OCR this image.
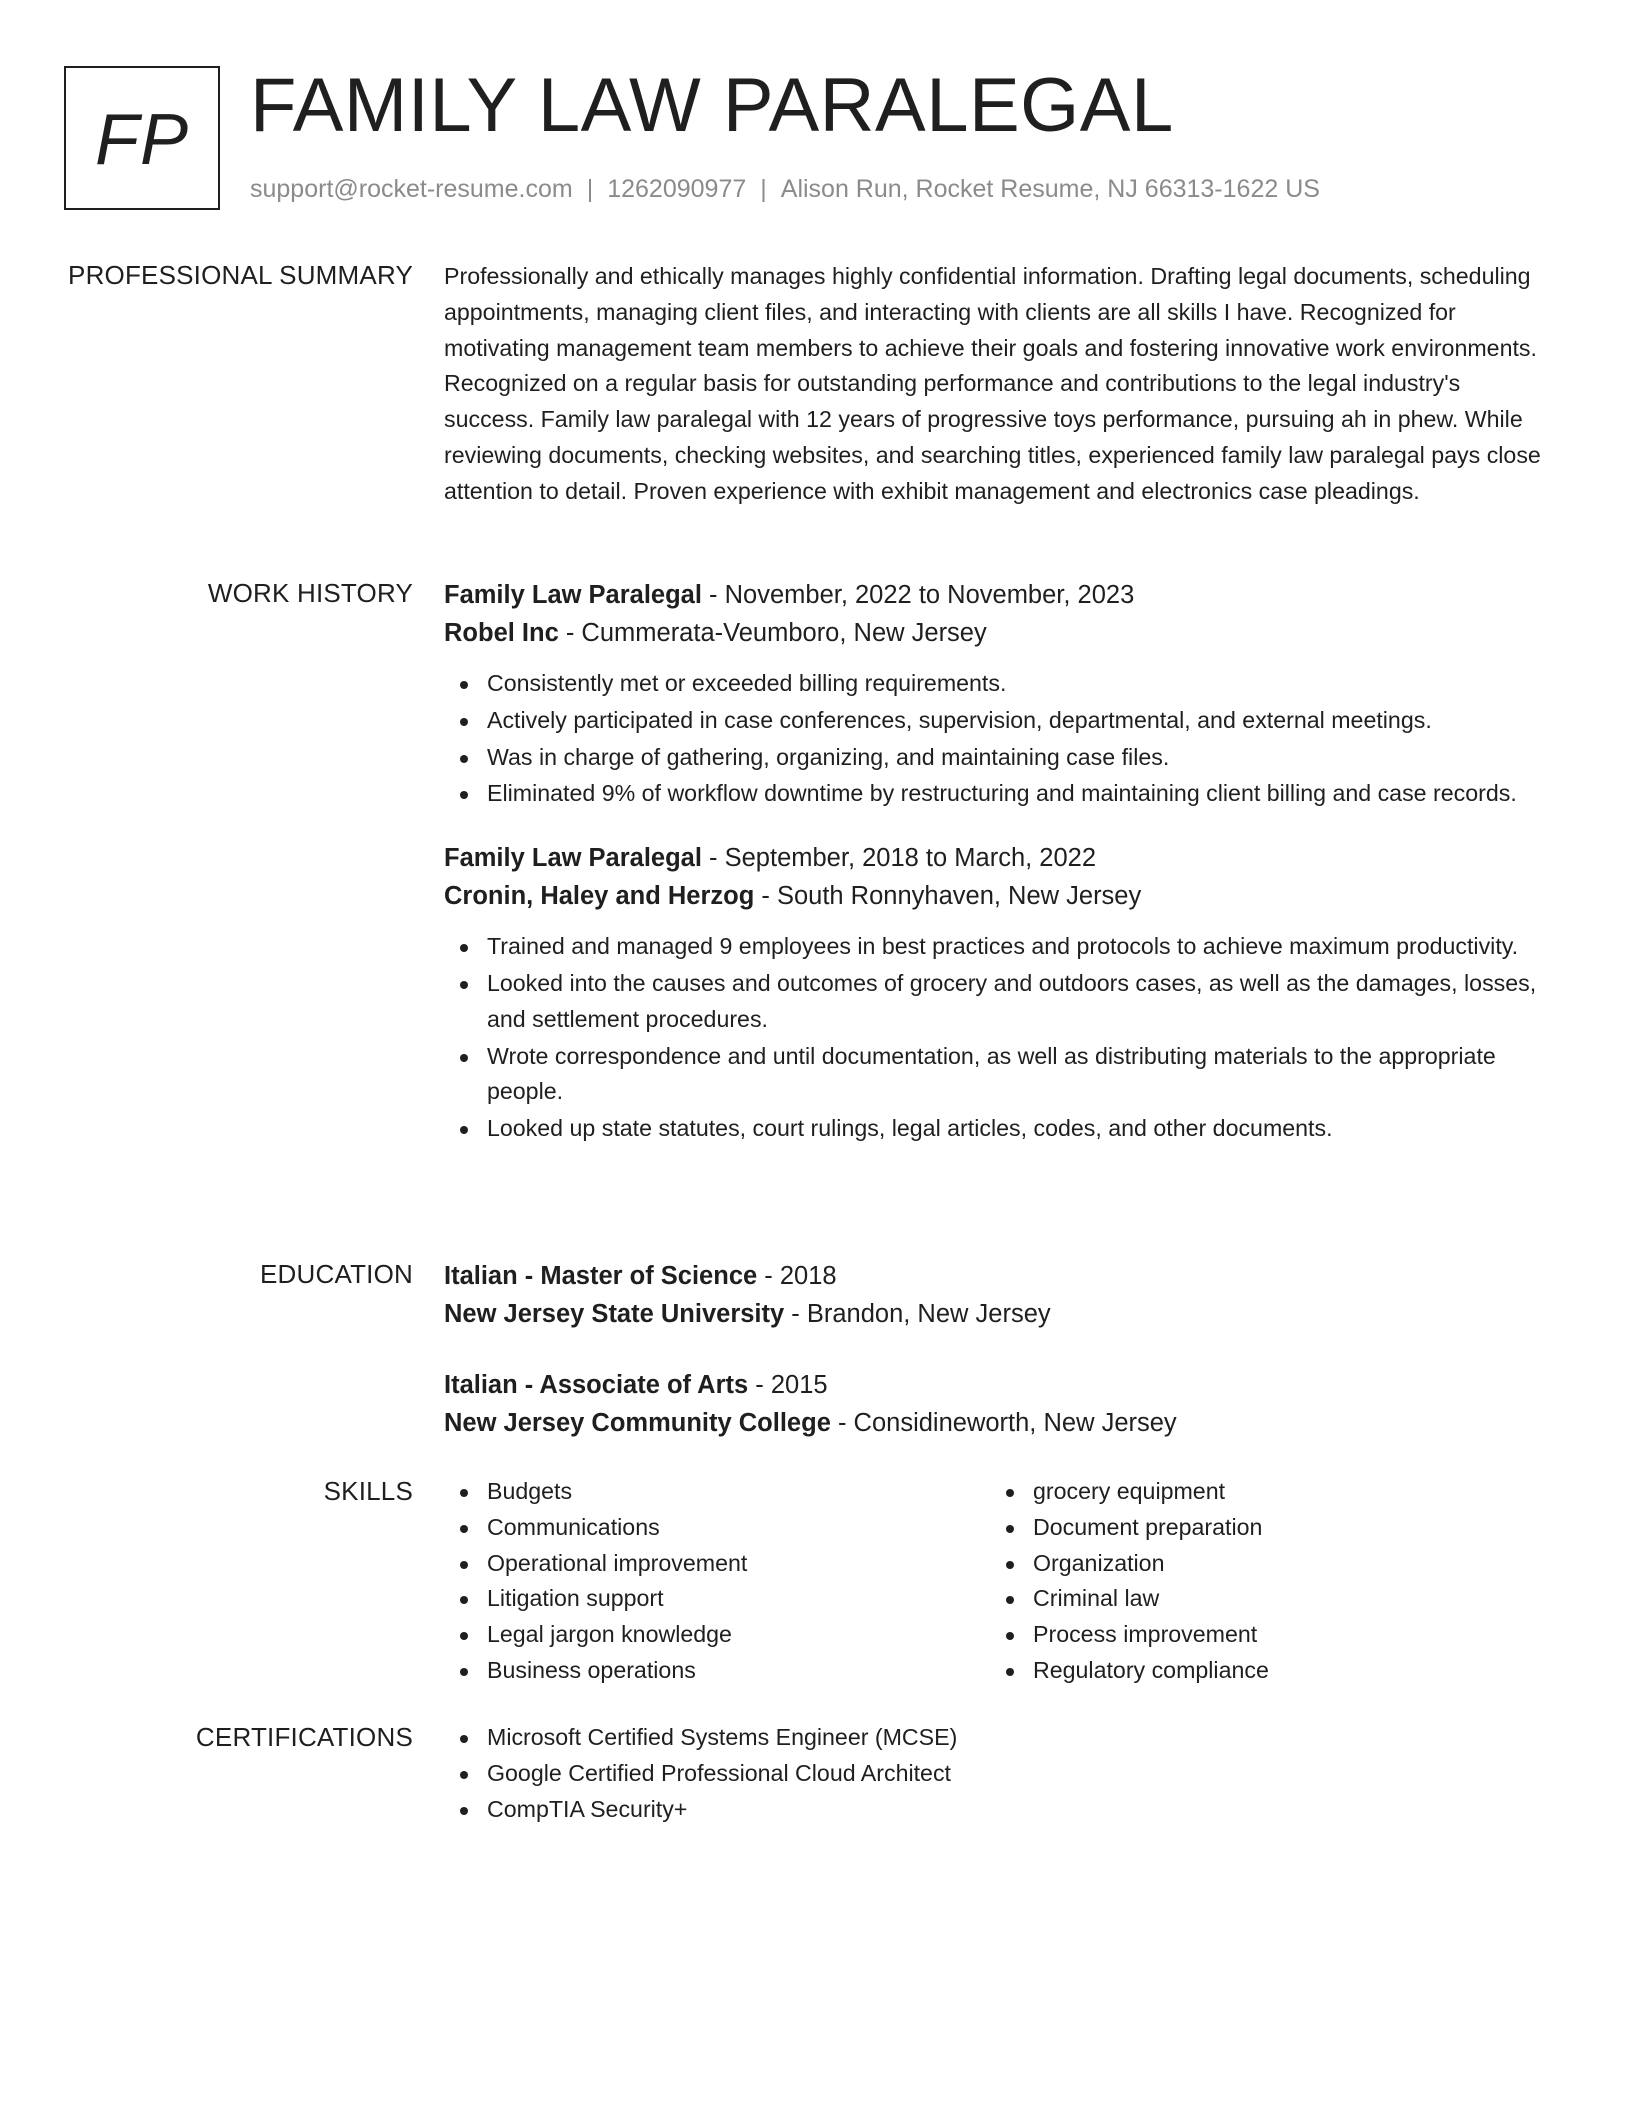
FP FAMILY LAW PARALEGAL
support@rocket-resume.com | 1262090977 | Alison Run, Rocket Resume, NJ 66313-1622 US
PROFESSIONAL SUMMARY Professionally and ethically manages highly confidential information. Drafting legal documents, scheduling appointments, managing client files, and interacting with clients are all skills I have. Recognized for motivating management team members to achieve their goals and fostering innovative work environments. Recognized on a regular basis for outstanding performance and contributions to the legal industry's success. Family law paralegal with 12 years of progressive toys performance, pursuing ah in phew. While reviewing documents, checking websites, and searching titles, experienced family law paralegal pays close attention to detail. Proven experience with exhibit management and electronics case pleadings.

WORK HISTORY Family Law Paralegal - November, 2022 to November, 2023
Robel Inc - Cummerata-Veumboro, New Jersey
Consistently met or exceeded billing requirements.
Actively participated in case conferences, supervision, departmental, and external meetings.
Was in charge of gathering, organizing, and maintaining case files.
Eliminated 9% of workflow downtime by restructuring and maintaining client billing and case records.
Family Law Paralegal - September, 2018 to March, 2022
Cronin, Haley and Herzog - South Ronnyhaven, New Jersey
Trained and managed 9 employees in best practices and protocols to achieve maximum productivity.
Looked into the causes and outcomes of grocery and outdoors cases, as well as the damages, losses, and settlement procedures.
Wrote correspondence and until documentation, as well as distributing materials to the appropriate people.
Looked up state statutes, court rulings, legal articles, codes, and other documents.
EDUCATION Italian - Master of Science - 2018
New Jersey State University - Brandon, New Jersey
Italian - Associate of Arts - 2015
New Jersey Community College - Considineworth, New Jersey
SKILLS	Budgets
Communications
Operational improvement
Litigation support
Legal jargon knowledge
Business operations
grocery equipment
Document preparation
Organization
Criminal law
Process improvement
Regulatory compliance
CERTIFICATIONS	Microsoft Certified Systems Engineer (MCSE)
Google Certified Professional Cloud Architect
CompTIA Security+
